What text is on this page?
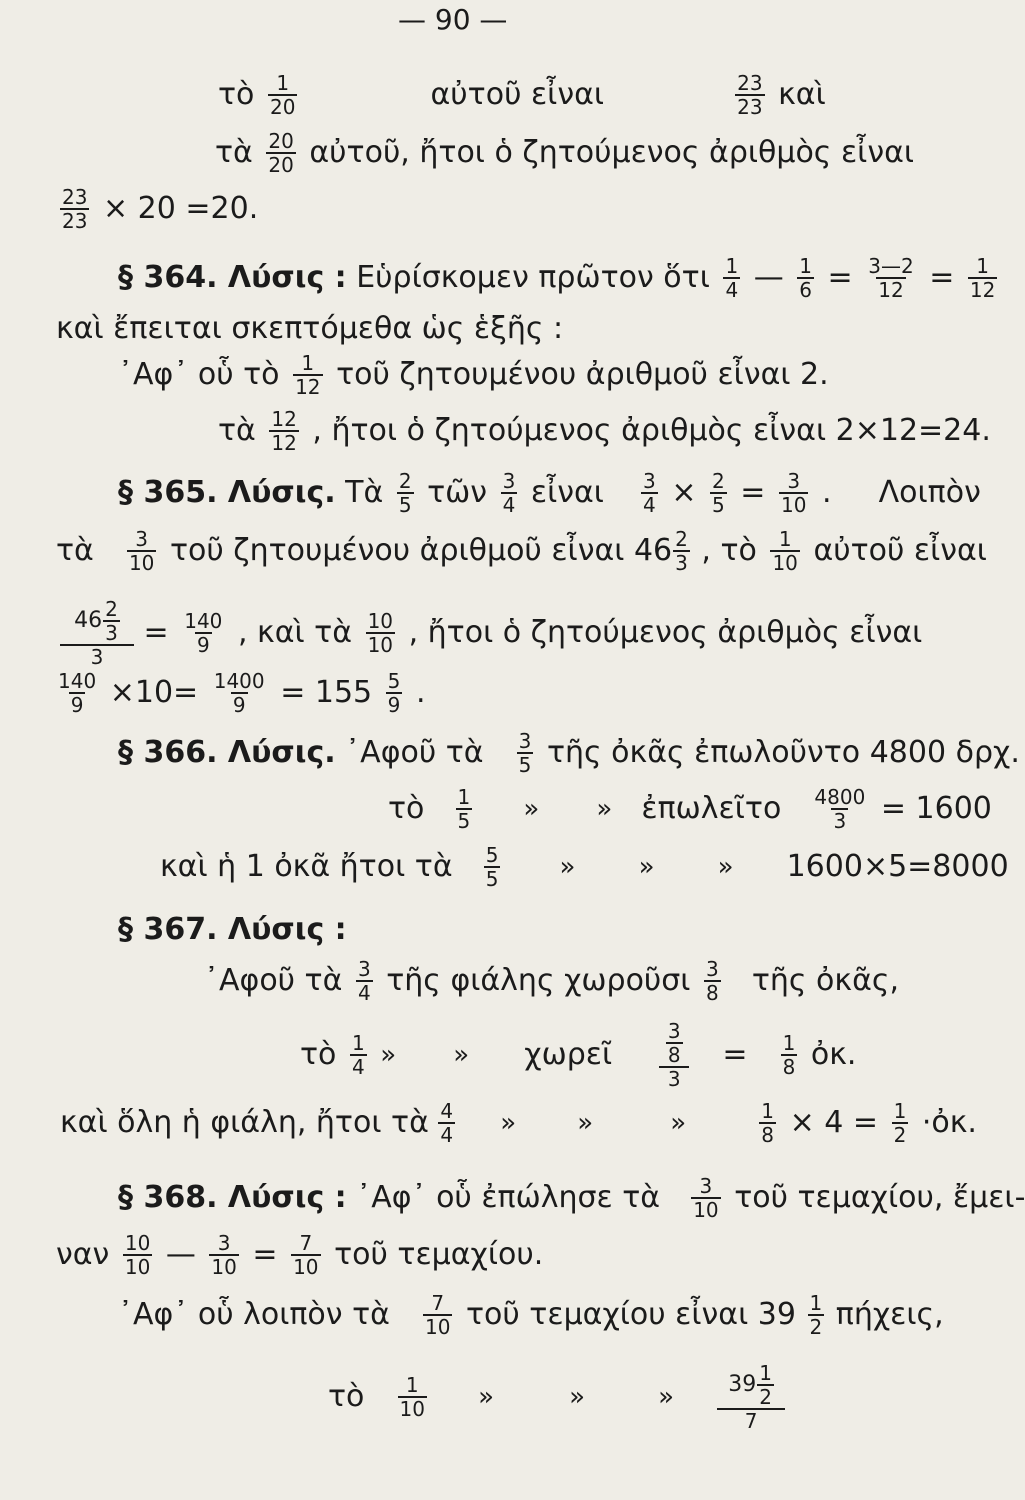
— 90 —
τὸ $\frac{1}{20}$	αὐτοῦ εἶναι	$\frac{23}{23}$ καὶ
τὰ $\frac{20}{20}$ αὐτοῦ, ἤτοι ὁ ζητούμενος ἀριθμὸς εἶναι
$\frac{23}{23} \times 20 =20$.
§ 364. Λύσις : Εὑρίσκομεν πρῶτον ὅτι $\frac{1}{4}$ — $\frac{1}{6} = \frac{3—2}{12} = \frac{1}{12}$
καὶ ἔπειται σκεπτόμεθα ὡς ἑξῆς :
᾿Αφ᾿ οὗ τὸ $\frac{1}{12}$ τοῦ ζητουμένου ἀριθμοῦ εἶναι 2.
τὰ $\frac{12}{12}$ , ἤτοι ὁ ζητούμενος ἀριθμὸς εἶναι 2×12=24.
§ 365. Λύσις. Τὰ $\frac{2}{5}$ τῶν $\frac{3}{4}$ εἶναι $\frac{3}{4} \times \frac{2}{5} = \frac{3}{10}$ . Λοιπὸν
τὰ $\frac{3}{10}$ τοῦ ζητουμένου ἀριθμοῦ εἶναι 46 2
3 , τὸ $\frac{1}{10}$ αὐτοῦ εἶναι
46 2
3
$3 = \frac{140}{9}$ , καὶ τὰ $\frac{10}{10}$ , ἤτοι ὁ ζητούμενος ἀριθμὸς εἶναι
$\frac{140}{9} \times 10= \frac{1400}{9} = 155 \frac{5}{9}$ .
§ 366. Λύσις. ᾿Αφοῦ τὰ $\frac{3}{5}$ τῆς ὀκᾶς ἐπωλοῦντο 4800 δρχ.
τὸ $\frac{1}{5}$ » » ἐπωλεῖτο $\frac{4800}{3} = 1600$
καὶ ἡ 1 ὀκᾶ ἤτοι τὰ $\frac{5}{5}$ » » » 1600×5=8000
§ 367. Λύσις :
᾿Αφοῦ τὰ $\frac{3}{4}$ τῆς φιάλης χωροῦσι $\frac{3}{8}$ τῆς ὀκᾶς,
τὸ $\frac{1}{4}$ » » χωρεῖ 3
8
$3 = \frac{1}{8}$ ὀκ.
καὶ ὅλη ἡ φιάλη, ἤτοι τὰ $\frac{4}{4}$ » »	»	$\frac{1}{8} \times 4 = \frac{1}{2}$ ·ὀκ.
§ 368. Λύσις : ᾿Αφ᾿ οὗ ἐπώλησε τὰ $\frac{3}{10}$ τοῦ τεμαχίου, ἔμει-
ναν $\frac{10}{10}$ — $\frac{3}{10} = \frac{7}{10}$ τοῦ τεμαχίου.
᾿Αφ᾿ οὗ λοιπὸν τὰ $\frac{7}{10}$ τοῦ τεμαχίου εἶναι $39 \frac{1}{2} \pi ή\chi\varepsilon\iota\varsigma$,
τὸ $\frac{1}{10}$ »	»	» 39 1
2
7
